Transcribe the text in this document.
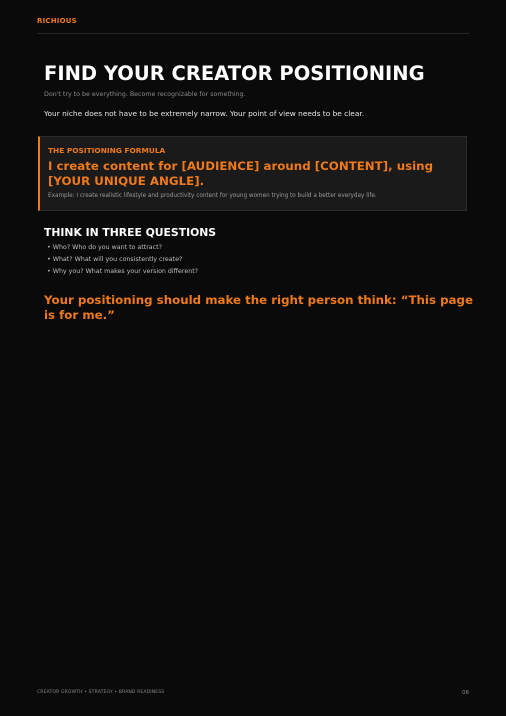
RICHIOUS
FIND YOUR CREATOR POSITIONING
Don't try to be everything. Become recognizable for something.
Your niche does not have to be extremely narrow. Your point of view needs to be clear.
THE POSITIONING FORMULA

I create content for [AUDIENCE] around [CONTENT], using [YOUR UNIQUE ANGLE].

Example: I create realistic lifestyle and productivity content for young women trying to build a better everyday life.
THINK IN THREE QUESTIONS
• Who? Who do you want to attract?
• What? What will you consistently create?
• Why you? What makes your version different?

Your positioning should make the right person think: “This page is for me.”

CREATOR GROWTH • STRATEGY • BRAND READINESS	06
